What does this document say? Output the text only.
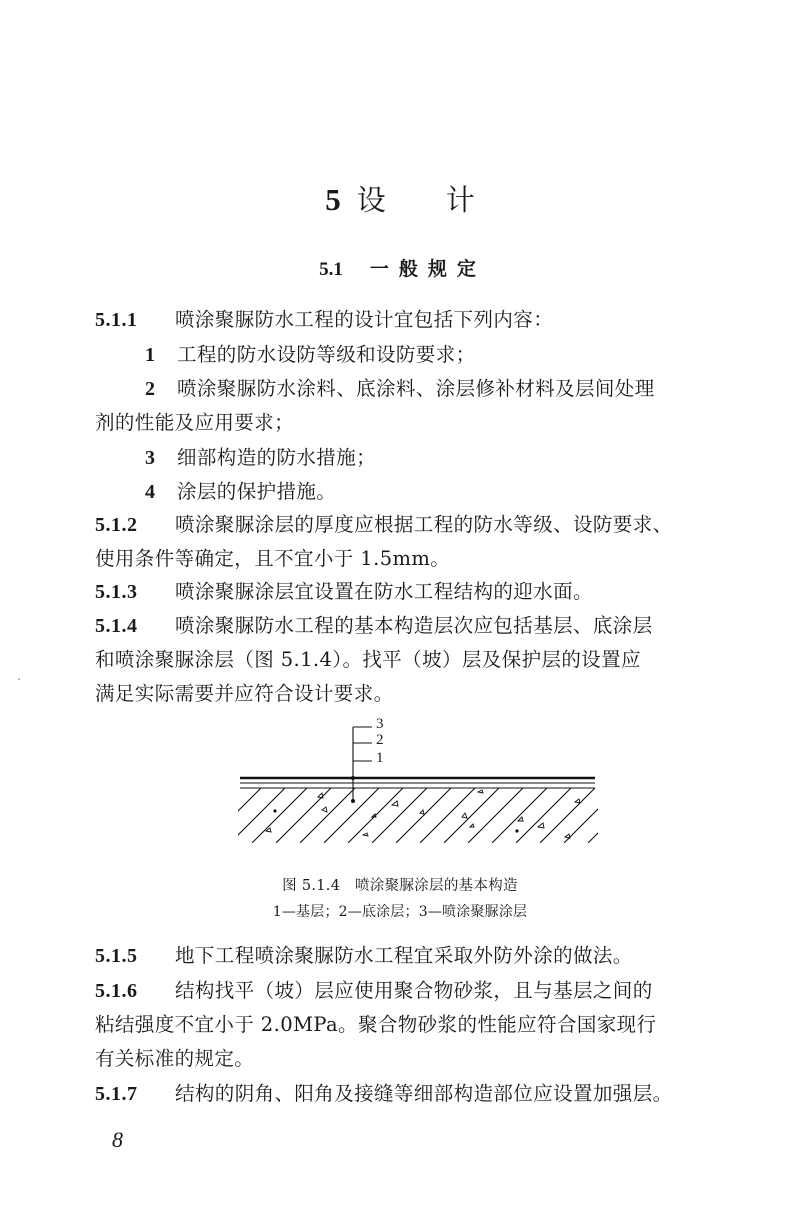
5 设 计
5.1 一 般 规 定
5.1.1 喷涂聚脲防水工程的设计宜包括下列内容：
1 工程的防水设防等级和设防要求；
2 喷涂聚脲防水涂料、底涂料、涂层修补材料及层间处理
剂的性能及应用要求；
3 细部构造的防水措施；
4 涂层的保护措施。
5.1.2 喷涂聚脲涂层的厚度应根据工程的防水等级、设防要求、
使用条件等确定，且不宜小于 1.5mm。
5.1.3 喷涂聚脲涂层宜设置在防水工程结构的迎水面。
5.1.4 喷涂聚脲防水工程的基本构造层次应包括基层、底涂层
和喷涂聚脲涂层（图 5.1.4）。找平（坡）层及保护层的设置应
满足实际需要并应符合设计要求。
3
2
1
图 5.1.4　喷涂聚脲涂层的基本构造
1—基层；2—底涂层；3—喷涂聚脲涂层
5.1.5 地下工程喷涂聚脲防水工程宜采取外防外涂的做法。
5.1.6 结构找平（坡）层应使用聚合物砂浆，且与基层之间的
粘结强度不宜小于 2.0MPa。聚合物砂浆的性能应符合国家现行
有关标准的规定。
5.1.7 结构的阴角、阳角及接缝等细部构造部位应设置加强层。
8
